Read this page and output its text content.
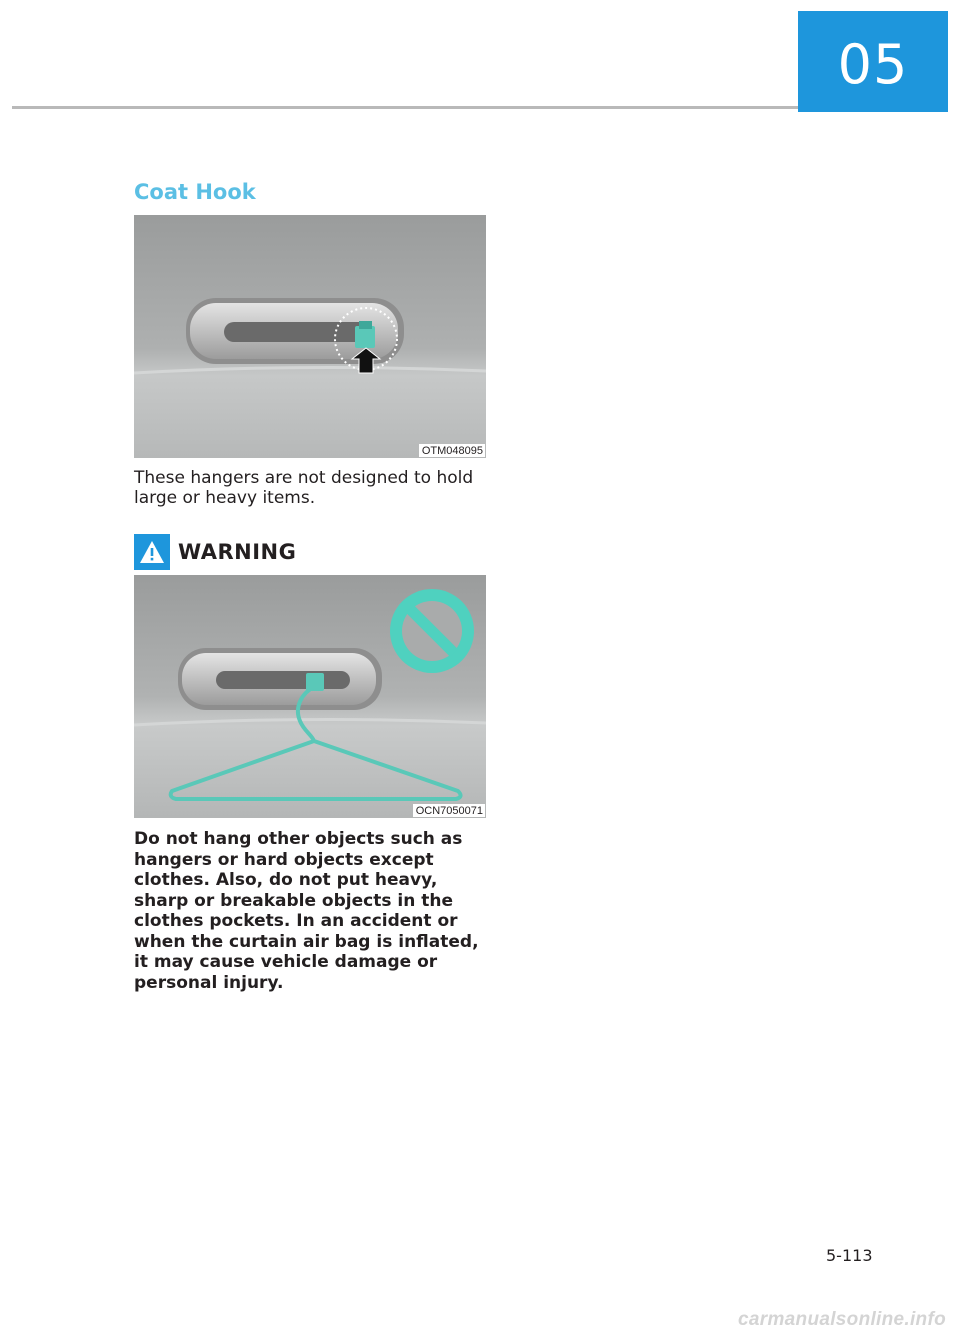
05
Coat Hook
OTM048095
These hangers are not designed to hold large or heavy items.
WARNING
OCN7050071
Do not hang other objects such as hangers or hard objects except clothes. Also, do not put heavy, sharp or breakable objects in the clothes pockets. In an accident or when the curtain air bag is inflated, it may cause vehicle damage or personal injury.
5-113
carmanualsonline.info
